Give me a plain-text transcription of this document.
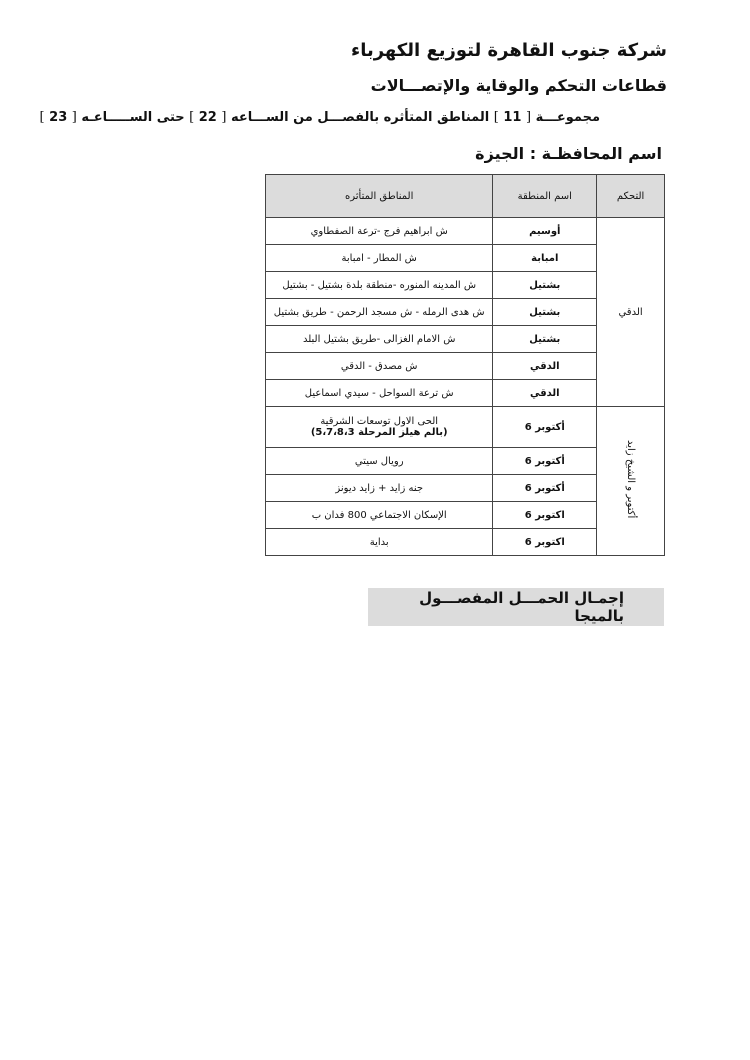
شركة جنوب القاهرة لتوزيع الكهرباء
قطاعات التحكم والوقاية والإتصـــالات
مجموعـــة [ 11 ] المناطق المتأثره بالفصـــل من الســـاعه [ 22 ] حتى الســـــاعـه [ 23 ]
اسم المحافظـة : الجيزة
التحكم	اسم المنطقة	المناطق المتأثره
الدقي	أوسيم	ش ابراهيم فرج -ترعة الصفطاوي
	امبابة	ش المطار - امبابة
	بشتيل	ش المدينه المنوره -منطقة بلدة بشتيل - بشتيل
	بشتيل	ش هدى الرمله - ش مسجد الرحمن - طريق بشتيل
	بشتيل	ش الامام الغزالى -طريق بشتيل البلد
	الدقي	ش مصدق - الدقي
	الدقي	ش ترعة السواحل - سيدي اسماعيل
أكتوبر و الشيخ زايد	أكتوبر 6	الحى الاول توسعات الشرقية
(بالم هيلز المرحلة 5،7،8،3)

	أكتوبر 6	رويال سيتي
	أكتوبر 6	جنه زايد + زايد ديونز
	اكتوبر 6	الإسكان الاجتماعي 800 فدان ب
	اكتوبر 6	بداية
إجمـال الحمـــل المفصـــول بالميجا
